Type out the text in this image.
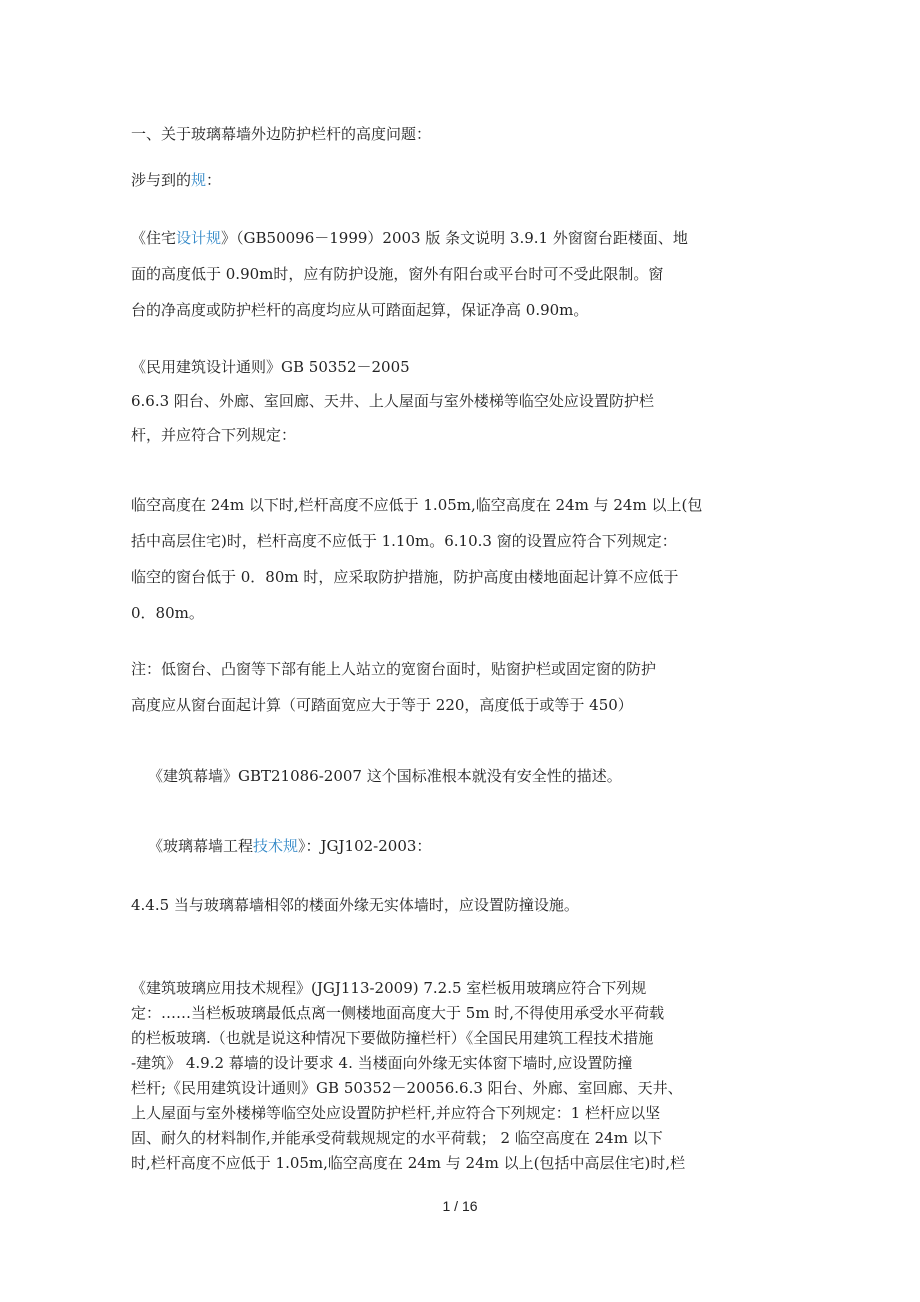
一、关于玻璃幕墙外边防护栏杆的高度问题：
涉与到的规：
《住宅设计规》（GB50096－1999）2003 版 条文说明 3.9.1 外窗窗台距楼面、地
面的高度低于 0.90m时，应有防护设施，窗外有阳台或平台时可不受此限制。窗
台的净高度或防护栏杆的高度均应从可踏面起算，保证净高 0.90m。
《民用建筑设计通则》GB 50352－2005
6.6.3 阳台、外廊、室回廊、天井、上人屋面与室外楼梯等临空处应设置防护栏
杆，并应符合下列规定：
临空高度在 24m 以下时,栏杆高度不应低于 1.05m,临空高度在 24m 与 24m 以上(包
括中高层住宅)时，栏杆高度不应低于 1.10m。6.10.3 窗的设置应符合下列规定：
临空的窗台低于 0．80m 时，应采取防护措施，防护高度由楼地面起计算不应低于
0．80m。
注：低窗台、凸窗等下部有能上人站立的宽窗台面时，贴窗护栏或固定窗的防护
高度应从窗台面起计算（可踏面宽应大于等于 220，高度低于或等于 450）
《建筑幕墙》GBT21086-2007 这个国标准根本就没有安全性的描述。
《玻璃幕墙工程技术规》：JGJ102-2003：
4.4.5 当与玻璃幕墙相邻的楼面外缘无实体墙时，应设置防撞设施。
《建筑玻璃应用技术规程》(JGJ113-2009) 7.2.5 室栏板用玻璃应符合下列规
定：……当栏板玻璃最低点离一侧楼地面高度大于 5m 时,不得使用承受水平荷载
的栏板玻璃.（也就是说这种情况下要做防撞栏杆）《全国民用建筑工程技术措施
-建筑》 4.9.2 幕墙的设计要求 4. 当楼面向外缘无实体窗下墙时,应设置防撞
栏杆;《民用建筑设计通则》GB 50352－20056.6.3 阳台、外廊、室回廊、天井、
上人屋面与室外楼梯等临空处应设置防护栏杆,并应符合下列规定：1 栏杆应以坚
固、耐久的材料制作,并能承受荷载规规定的水平荷载； 2 临空高度在 24m 以下
时,栏杆高度不应低于 1.05m,临空高度在 24m 与 24m 以上(包括中高层住宅)时,栏
1 / 16
